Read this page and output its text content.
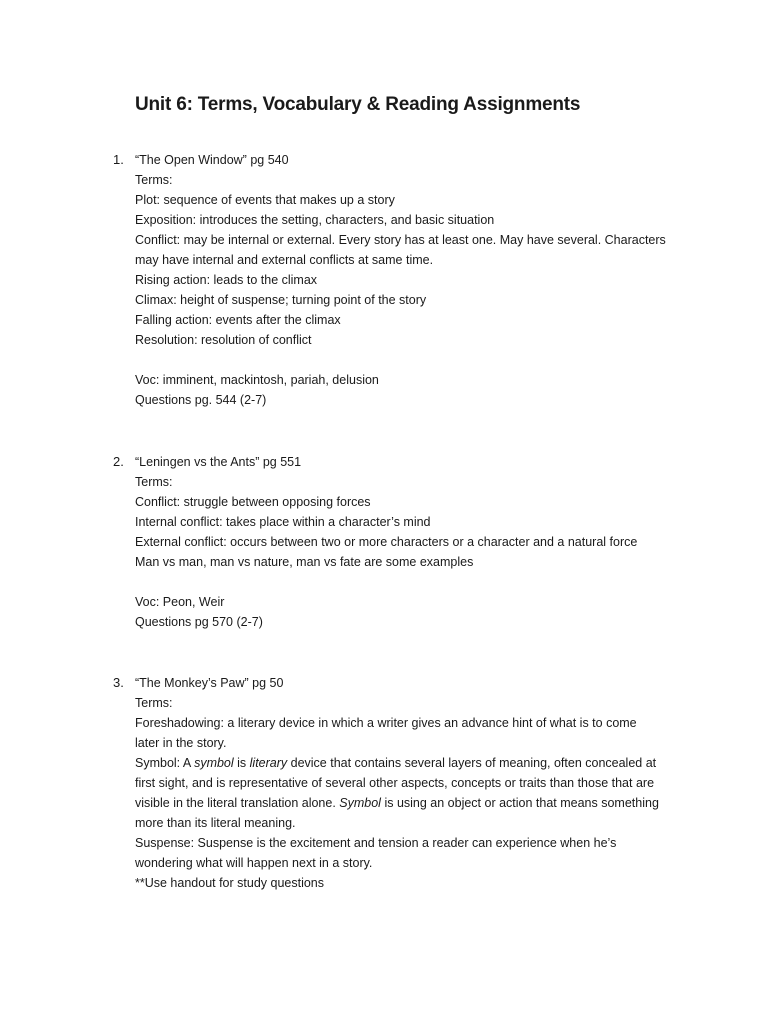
Unit 6: Terms, Vocabulary & Reading Assignments
1. “The Open Window” pg 540
Terms:
Plot: sequence of events that makes up a story
Exposition: introduces the setting, characters, and basic situation
Conflict: may be internal or external. Every story has at least one. May have several. Characters
may have internal and external conflicts at same time.
Rising action: leads to the climax
Climax: height of suspense; turning point of the story
Falling action: events after the climax
Resolution: resolution of conflict
Voc: imminent, mackintosh, pariah, delusion
Questions pg. 544 (2-7)
2. “Leningen vs the Ants” pg 551
Terms:
Conflict: struggle between opposing forces
Internal conflict: takes place within a character’s mind
External conflict: occurs between two or more characters or a character and a natural force
Man vs man, man vs nature, man vs fate are some examples
Voc: Peon, Weir
Questions pg 570 (2-7)
3. “The Monkey’s Paw” pg 50
Terms:
Foreshadowing: a literary device in which a writer gives an advance hint of what is to come
later in the story.
Symbol: A symbol is literary device that contains several layers of meaning, often concealed at
first sight, and is representative of several other aspects, concepts or traits than those that are
visible in the literal translation alone. Symbol is using an object or action that means something
more than its literal meaning.
Suspense: Suspense is the excitement and tension a reader can experience when he’s
wondering what will happen next in a story.
**Use handout for study questions
